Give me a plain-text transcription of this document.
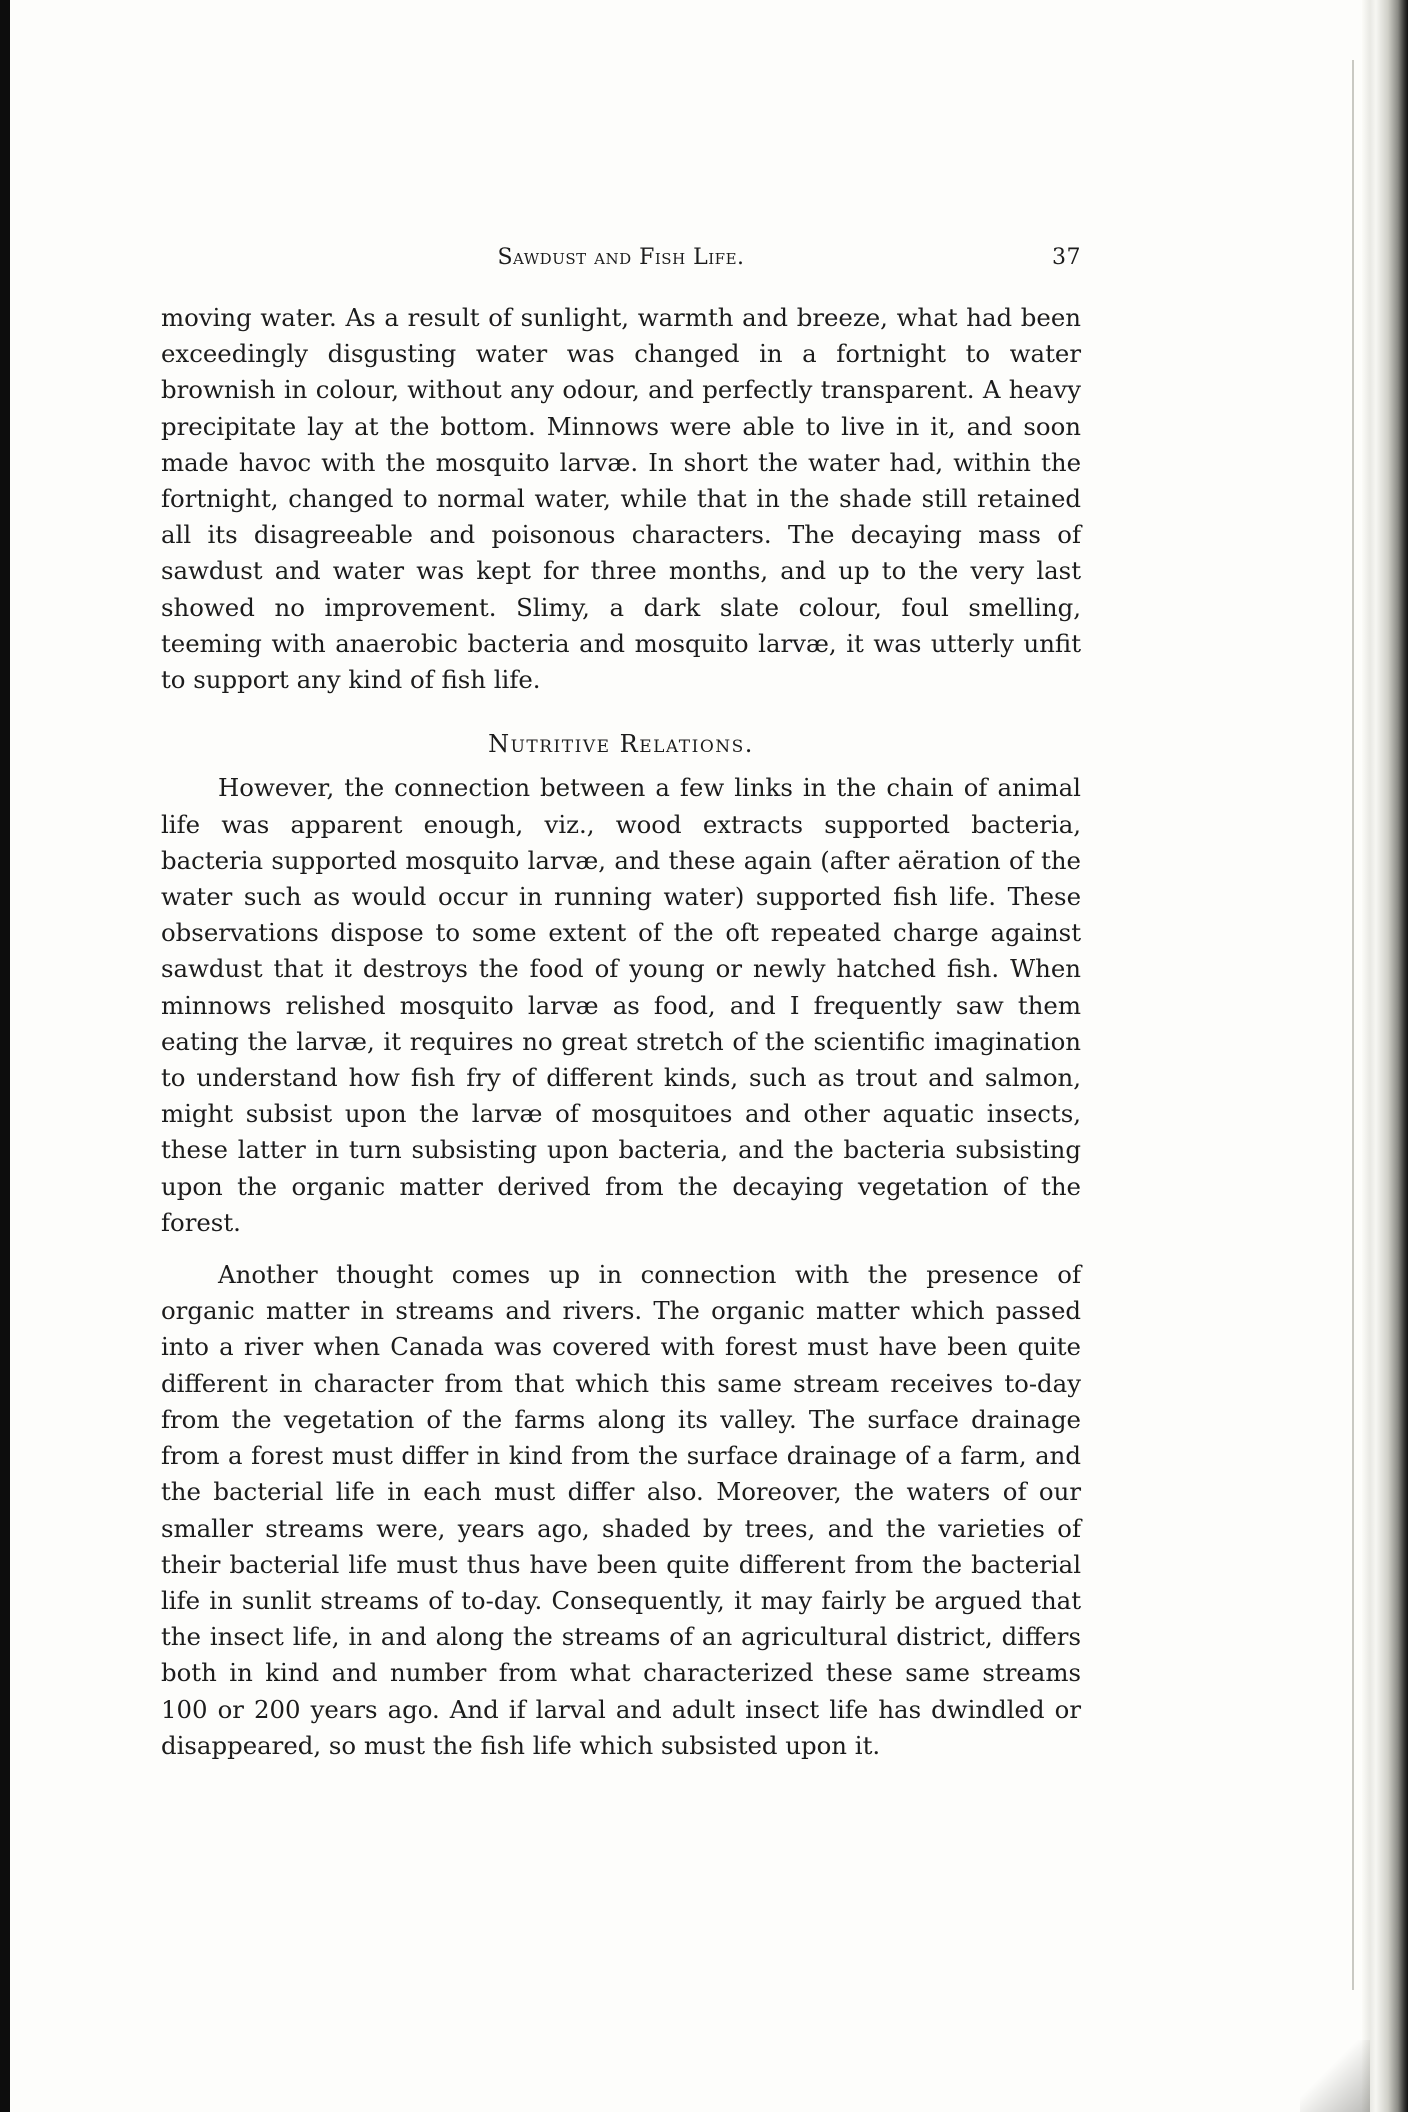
Sawdust and Fish Life.	37

moving water. As a result of sunlight, warmth and breeze, what had been exceedingly disgusting water was changed in a fortnight to water brownish in colour, without any odour, and perfectly transparent. A heavy precipitate lay at the bottom. Minnows were able to live in it, and soon made havoc with the mosquito larvæ. In short the water had, within the fortnight, changed to normal water, while that in the shade still retained all its disagreeable and poisonous characters. The decaying mass of sawdust and water was kept for three months, and up to the very last showed no improvement. Slimy, a dark slate colour, foul smelling, teeming with anaerobic bacteria and mosquito larvæ, it was utterly unfit to support any kind of fish life.

Nutritive Relations.

However, the connection between a few links in the chain of animal life was apparent enough, viz., wood extracts supported bacteria, bacteria supported mosquito larvæ, and these again (after aëration of the water such as would occur in running water) supported fish life. These observations dispose to some extent of the oft repeated charge against sawdust that it destroys the food of young or newly hatched fish. When minnows relished mosquito larvæ as food, and I frequently saw them eating the larvæ, it requires no great stretch of the scientific imagination to understand how fish fry of different kinds, such as trout and salmon, might subsist upon the larvæ of mosquitoes and other aquatic insects, these latter in turn subsisting upon bacteria, and the bacteria subsisting upon the organic matter derived from the decaying vegetation of the forest.

Another thought comes up in connection with the presence of organic matter in streams and rivers. The organic matter which passed into a river when Canada was covered with forest must have been quite different in character from that which this same stream receives to-day from the vegetation of the farms along its valley. The surface drainage from a forest must differ in kind from the surface drainage of a farm, and the bacterial life in each must differ also. Moreover, the waters of our smaller streams were, years ago, shaded by trees, and the varieties of their bacterial life must thus have been quite different from the bacterial life in sunlit streams of to-day. Consequently, it may fairly be argued that the insect life, in and along the streams of an agricultural district, differs both in kind and number from what characterized these same streams 100 or 200 years ago. And if larval and adult insect life has dwindled or disappeared, so must the fish life which subsisted upon it.
